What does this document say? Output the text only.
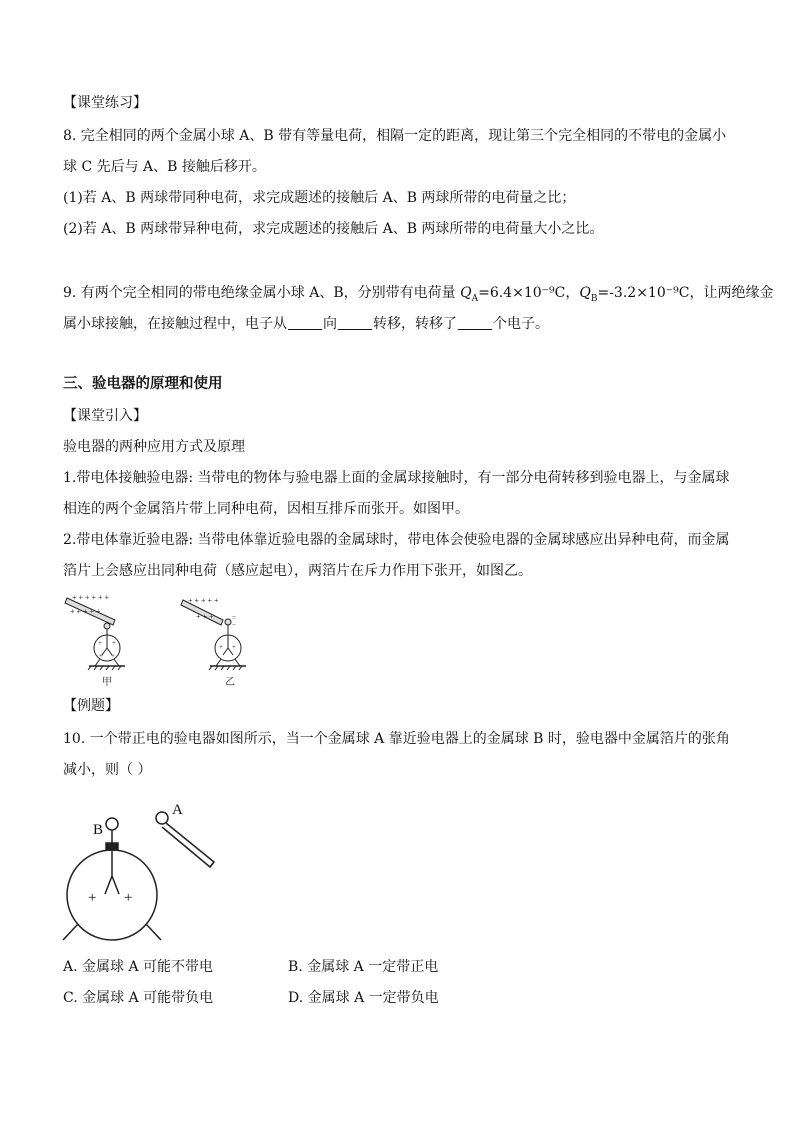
【课堂练习】
8. 完全相同的两个金属小球 A、B 带有等量电荷，相隔一定的距离，现让第三个完全相同的不带电的金属小
球 C 先后与 A、B 接触后移开。
(1)若 A、B 两球带同种电荷，求完成题述的接触后 A、B 两球所带的电荷量之比；
(2)若 A、B 两球带异种电荷，求完成题述的接触后 A、B 两球所带的电荷量大小之比。
9. 有两个完全相同的带电绝缘金属小球 A、B，分别带有电荷量 $Q_A=6.4\times 10^{-9}C$，$Q_B=-3.2\times 10^{-9}C$，让两绝缘金
属小球接触，在接触过程中，电子从	向	转移，转移了	个电子。
三、验电器的原理和使用
【课堂引入】
验电器的两种应用方式及原理
1.带电体接触验电器: 当带电的物体与验电器上面的金属球接触时，有一部分电荷转移到验电器上，与金属球
相连的两个金属箔片带上同种电荷，因相互排斥而张开。如图甲。
2.带电体靠近验电器: 当带电体靠近验电器的金属球时，带电体会使验电器的金属球感应出异种电荷，而金属
箔片上会感应出同种电荷（感应起电），两箔片在斥力作用下张开，如图乙。
+ + + + + +
+ + + + +
+ +
+ +
甲
+ + + + +
+ + +	=
−
+ +
乙
【例题】
10. 一个带正电的验电器如图所示，当一个金属球 A 靠近验电器上的金属球 B 时，验电器中金属箔片的张角
减小，则（ ）
B
A
+ +
A. 金属球 A 可能不带电	B. 金属球 A 一定带正电
C. 金属球 A 可能带负电	D. 金属球 A 一定带负电
